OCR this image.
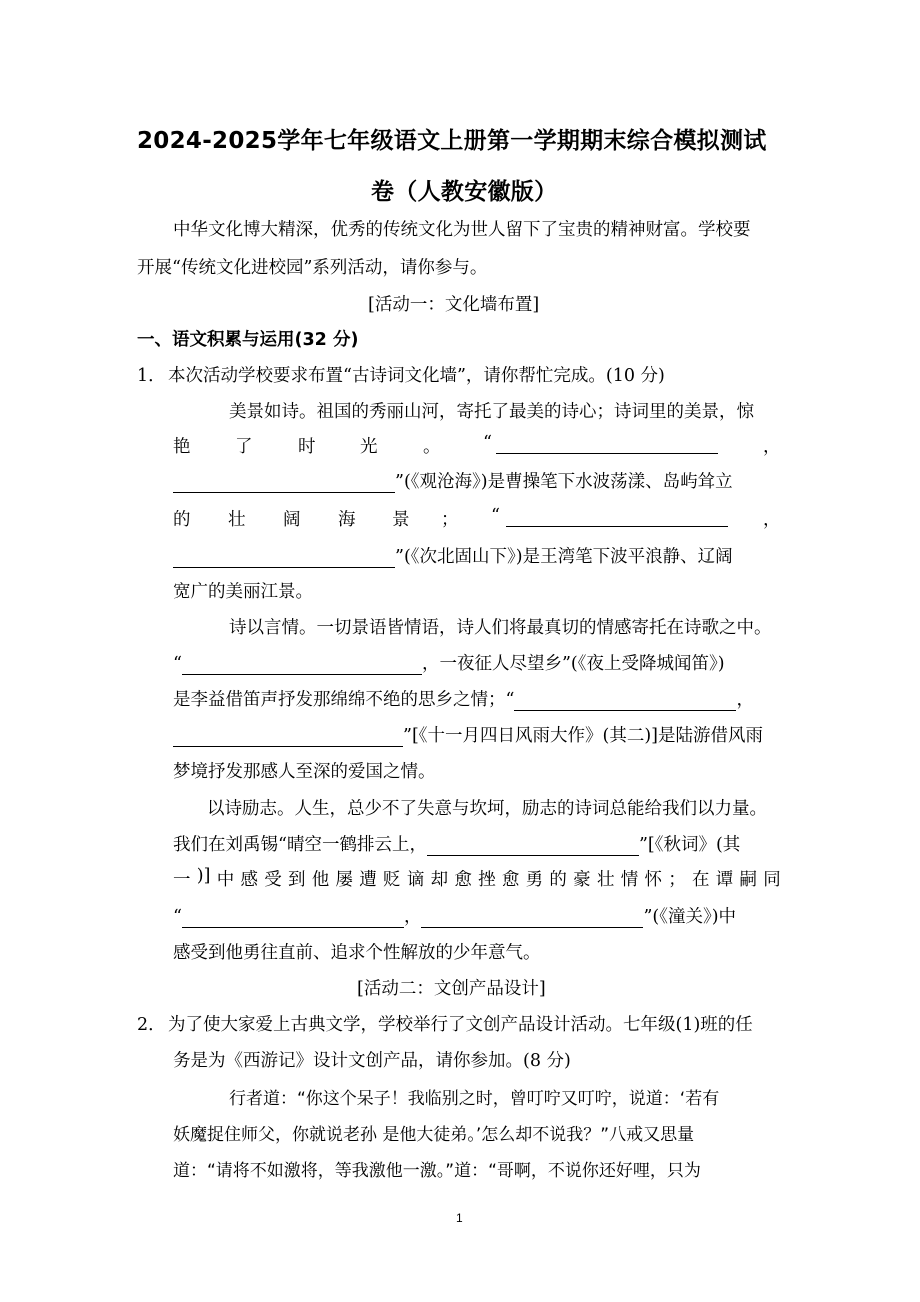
2024-2025学年七年级语文上册第一学期期末综合模拟测试
卷（人教安徽版）
中华文化博大精深，优秀的传统文化为世人留下了宝贵的精神财富。学校要
开展“传统文化进校园”系列活动，请你参与。
[活动一：文化墙布置]
一、语文积累与运用(32 分)
1． 本次活动学校要求布置“古诗词文化墙”，请你帮忙完成。(10 分)
美景如诗。祖国的秀丽山河，寄托了最美的诗心；诗词里的美景，惊
艳	了	时	光	。 “	，
”(《观沧海》)是曹操笔下水波荡漾、岛屿耸立
的 壮 阔 海 景 ； “	，
”(《次北固山下》)是王湾笔下波平浪静、辽阔
宽广的美丽江景。
诗以言情。一切景语皆情语，诗人们将最真切的情感寄托在诗歌之中。
“	，一夜征人尽望乡”(《夜上受降城闻笛》)
是李益借笛声抒发那绵绵不绝的思乡之情；“	，
”[《十一月四日风雨大作》(其二)]是陆游借风雨
梦境抒发那感人至深的爱国之情。
以诗励志。人生，总少不了失意与坎坷，励志的诗词总能给我们以力量。
我们在刘禹锡“晴空一鹤排云上，	”[《秋词》(其
一 )] 中 感 受 到 他 屡 遭 贬 谪 却 愈 挫 愈 勇 的 豪 壮 情 怀 ； 在 谭 嗣 同
“	，	”(《潼关》)中
感受到他勇往直前、追求个性解放的少年意气。
[活动二：文创产品设计]
2． 为了使大家爱上古典文学，学校举行了文创产品设计活动。七年级(1)班的任
务是为《西游记》设计文创产品，请你参加。(8 分)
行者道：“你这个呆子！我临别之时，曾叮咛又叮咛，说道：‘若有
妖魔捉住师父，你就说老孙 是他大徒弟。’怎么却不说我？”八戒又思量
道：“请将不如激将，等我激他一激。”道：“哥啊，不说你还好哩，只为
1
